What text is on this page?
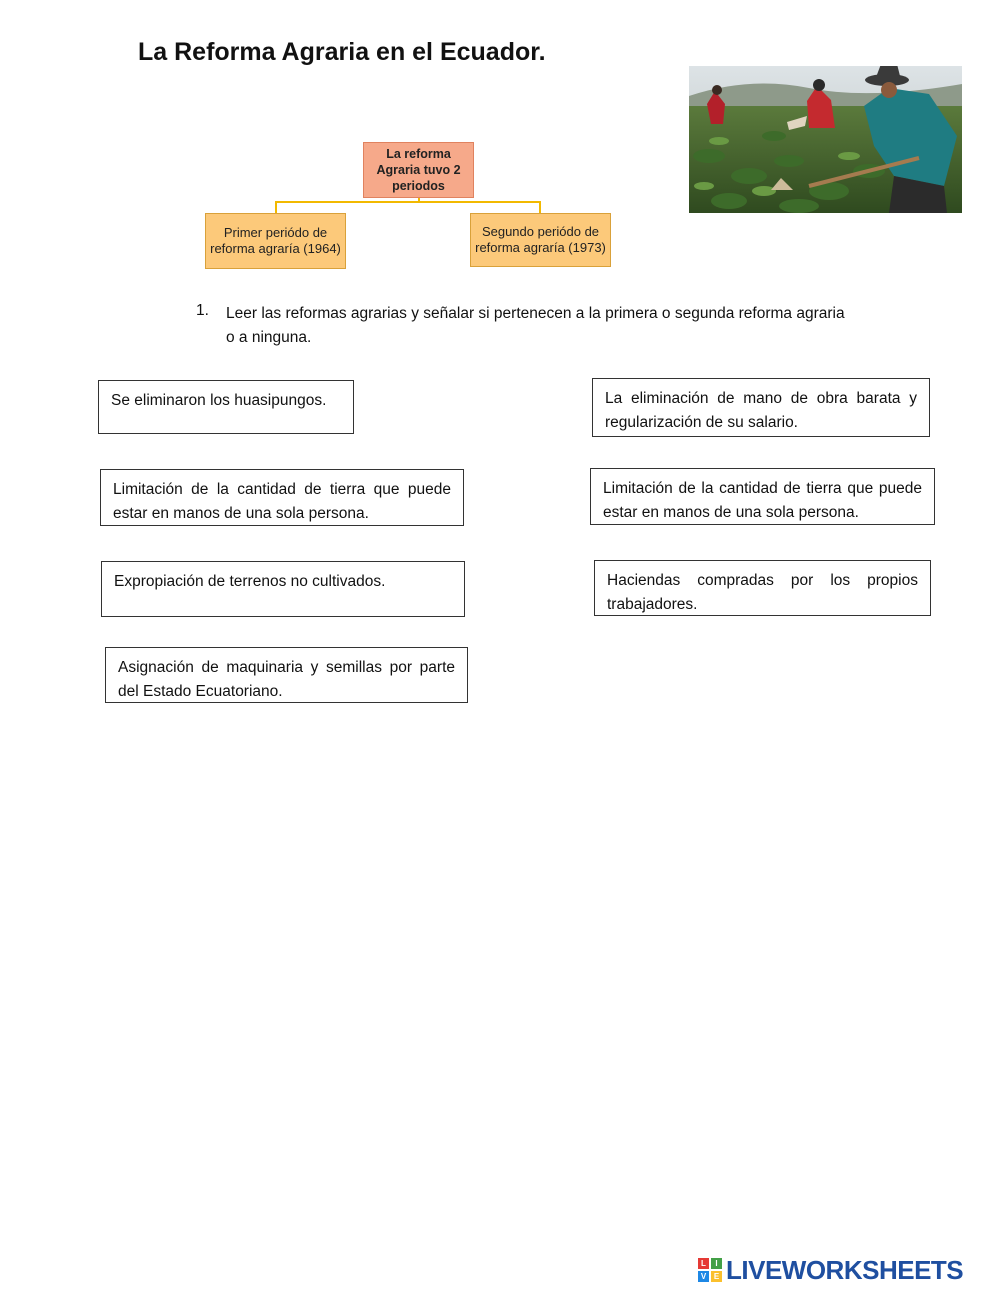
La Reforma Agraria en el Ecuador.
La reforma Agraria tuvo 2 periodos
Primer periódo de reforma agraría (1964)
Segundo periódo de reforma agraría (1973)
1. Leer las reformas agrarias y señalar si pertenecen a la primera o segunda reforma agraria o a ninguna.
Se eliminaron los huasipungos.	La eliminación de mano de obra barata y regularización de su salario.
Limitación de la cantidad de tierra que puede estar en manos de una sola persona.
Limitación de la cantidad de tierra que puede estar en manos de una sola persona.
Expropiación de terrenos no cultivados.	Haciendas compradas por los propios trabajadores.
Asignación de maquinaria y semillas por parte del Estado Ecuatoriano.
L	I
V E LIVEWORKSHEETS
